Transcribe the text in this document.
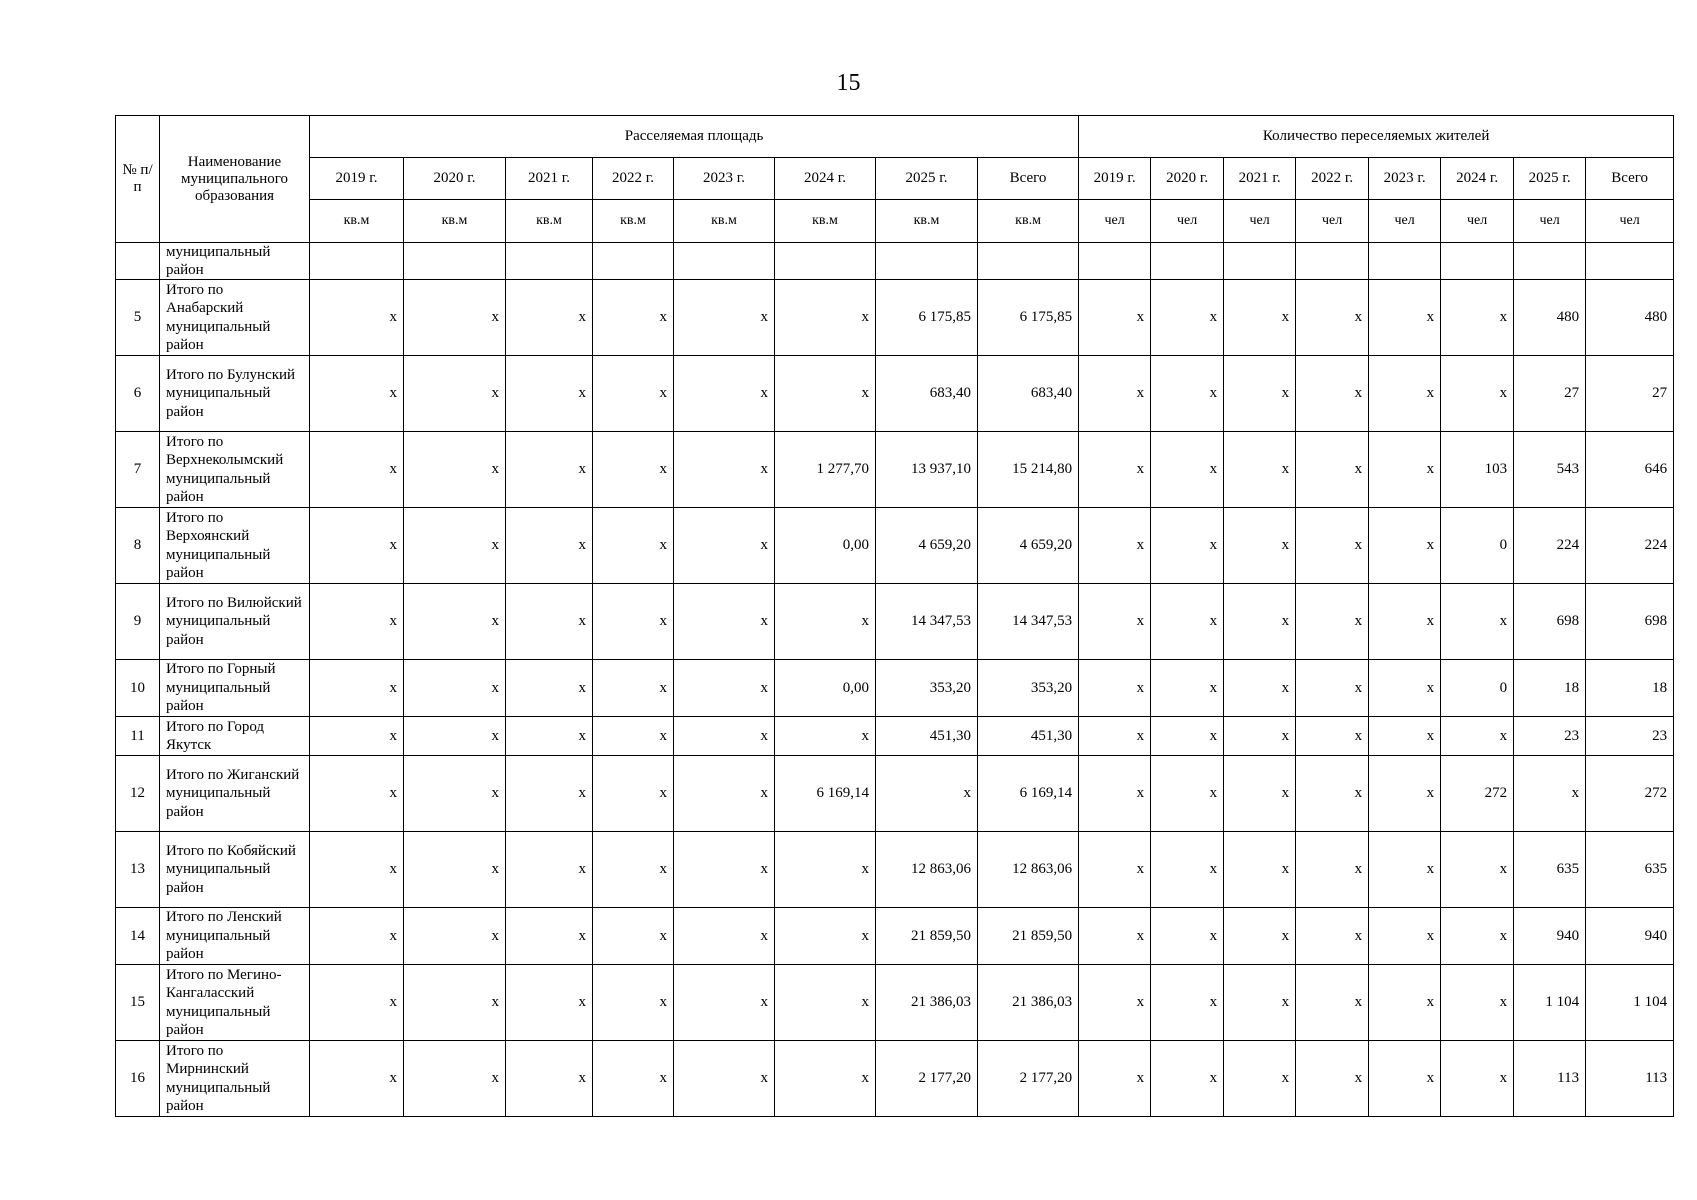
15
№ п/п	Наименование муниципального образования	Расселяемая площадь								Количество переселяемых жителей							
		2019 г.	2020 г.	2021 г.	2022 г.	2023 г.	2024 г.	2025 г.	Всего	2019 г.	2020 г.	2021 г.	2022 г.	2023 г.	2024 г.	2025 г.	Всего
		кв.м	кв.м	кв.м	кв.м	кв.м	кв.м	кв.м	кв.м	чел	чел	чел	чел	чел	чел	чел	чел
	муниципальный район																
5	Итого по Анабарский муниципальный район	x	x	x	x	x	x	6 175,85	6 175,85	x	x	x	x	x	x	480	480
6	Итого по Булунский муниципальный район	x	x	x	x	x	x	683,40	683,40	x	x	x	x	x	x	27	27
7	Итого по Верхнеколымский муниципальный район	x	x	x	x	x	1 277,70	13 937,10	15 214,80	x	x	x	x	x	103	543	646
8	Итого по Верхоянский муниципальный район	x	x	x	x	x	0,00	4 659,20	4 659,20	x	x	x	x	x	0	224	224
9	Итого по Вилюйский муниципальный район	x	x	x	x	x	x	14 347,53	14 347,53	x	x	x	x	x	x	698	698
10	Итого по Горный муниципальный район	x	x	x	x	x	0,00	353,20	353,20	x	x	x	x	x	0	18	18
11	Итого по Город Якутск	x	x	x	x	x	x	451,30	451,30	x	x	x	x	x	x	23	23
12	Итого по Жиганский муниципальный район	x	x	x	x	x	6 169,14	x	6 169,14	x	x	x	x	x	272	x	272
13	Итого по Кобяйский муниципальный район	x	x	x	x	x	x	12 863,06	12 863,06	x	x	x	x	x	x	635	635
14	Итого по Ленский муниципальный район	x	x	x	x	x	x	21 859,50	21 859,50	x	x	x	x	x	x	940	940
15	Итого по Мегино-Кангаласский муниципальный район	x	x	x	x	x	x	21 386,03	21 386,03	x	x	x	x	x	x	1 104	1 104
16	Итого по Мирнинский муниципальный район	x	x	x	x	x	x	2 177,20	2 177,20	x	x	x	x	x	x	113	113
